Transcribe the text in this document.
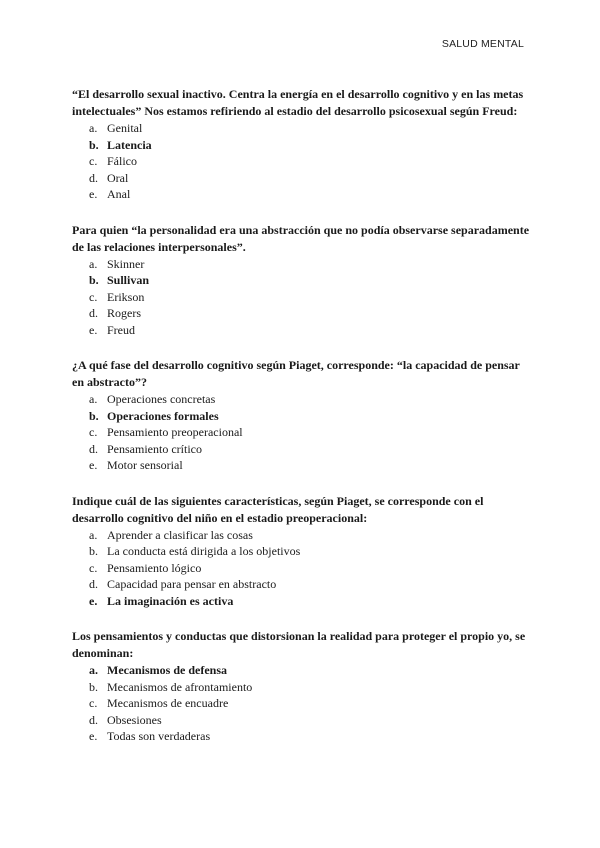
SALUD MENTAL

“El desarrollo sexual inactivo. Centra la energía en el desarrollo cognitivo y en las metas intelectuales” Nos estamos refiriendo al estadio del desarrollo psicosexual según Freud:

a. Genital
b. Latencia
c. Fálico
d. Oral
e. Anal

Para quien “la personalidad era una abstracción que no podía observarse separadamente de las relaciones interpersonales”.

a. Skinner
b. Sullivan
c. Erikson
d. Rogers
e. Freud

¿A qué fase del desarrollo cognitivo según Piaget, corresponde: “la capacidad de pensar en abstracto”?

a. Operaciones concretas
b. Operaciones formales
c. Pensamiento preoperacional
d. Pensamiento crítico
e. Motor sensorial

Indique cuál de las siguientes características, según Piaget, se corresponde con el desarrollo cognitivo del niño en el estadio preoperacional:

a. Aprender a clasificar las cosas
b. La conducta está dirigida a los objetivos
c. Pensamiento lógico
d. Capacidad para pensar en abstracto
e. La imaginación es activa

Los pensamientos y conductas que distorsionan la realidad para proteger el propio yo, se denominan:

a. Mecanismos de defensa
b. Mecanismos de afrontamiento
c. Mecanismos de encuadre
d. Obsesiones
e. Todas son verdaderas
